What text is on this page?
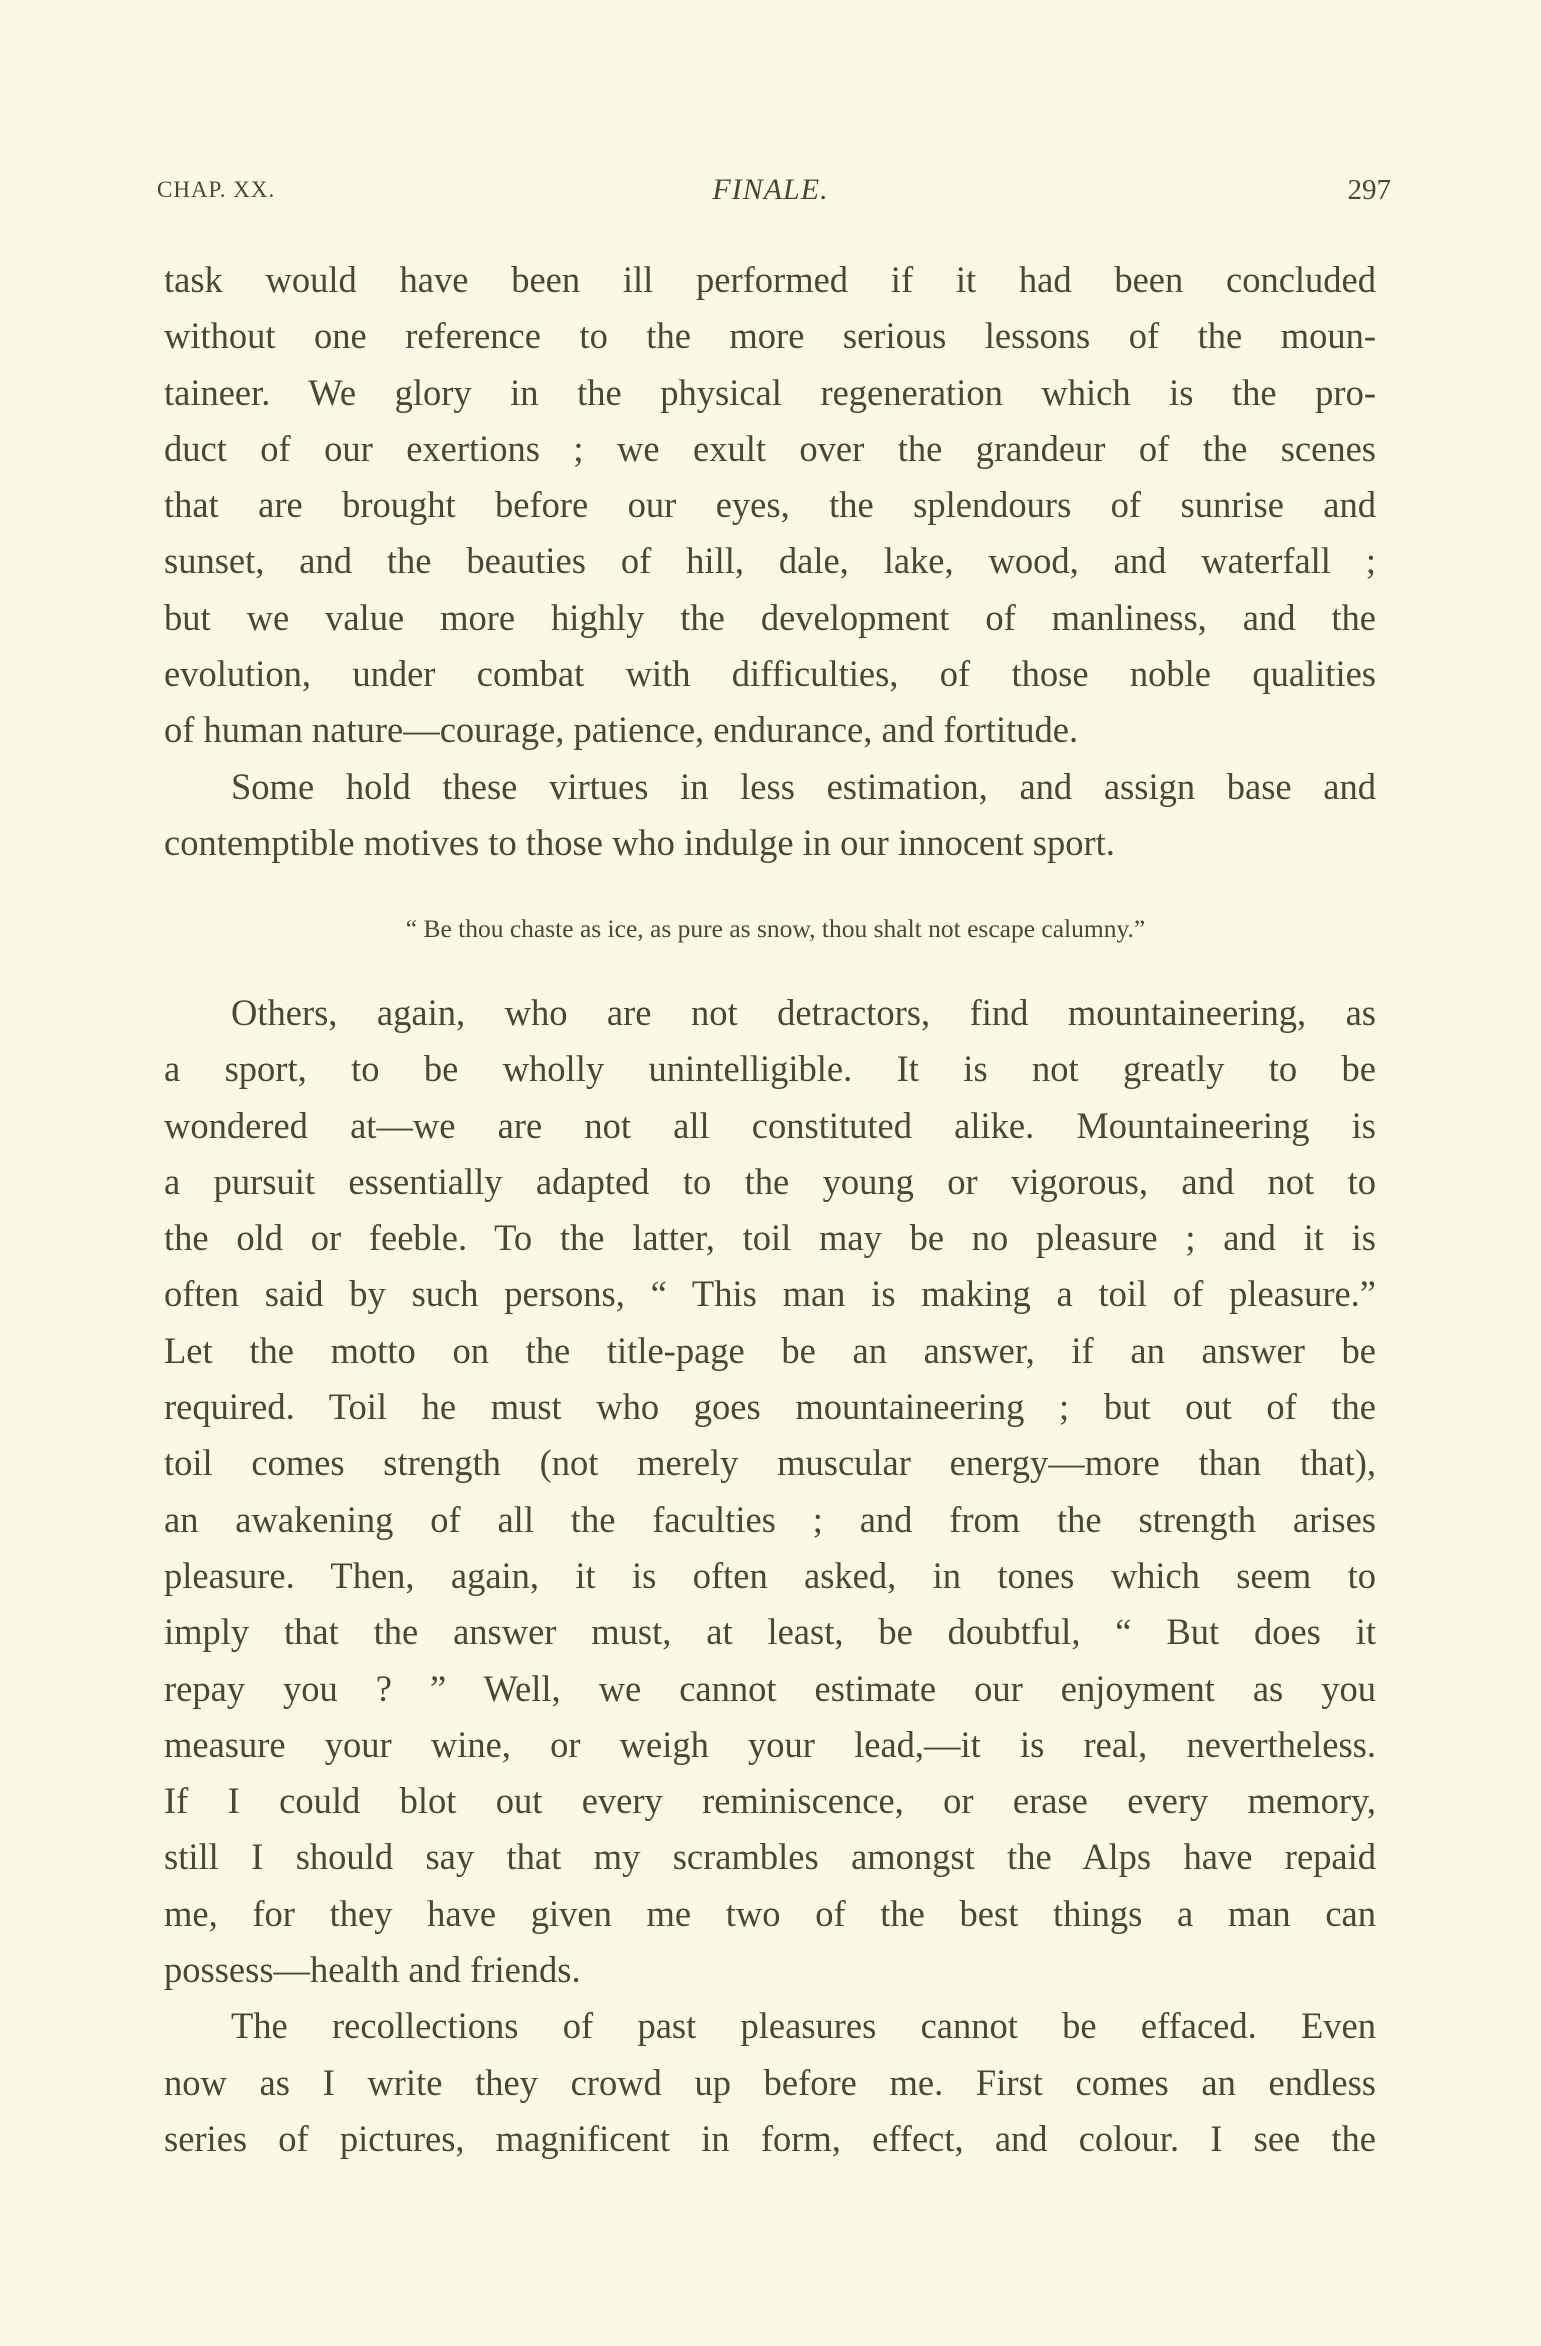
CHAP. XX.	FINALE.	297
task would have been ill performed if it had been concluded
without one reference to the more serious lessons of the moun-
taineer. We glory in the physical regeneration which is the pro-
duct of our exertions ; we exult over the grandeur of the scenes
that are brought before our eyes, the splendours of sunrise and
sunset, and the beauties of hill, dale, lake, wood, and waterfall ;
but we value more highly the development of manliness, and the
evolution, under combat with difficulties, of those noble qualities
of human nature—courage, patience, endurance, and fortitude.
Some hold these virtues in less estimation, and assign base and
contemptible motives to those who indulge in our innocent sport.
“ Be thou chaste as ice, as pure as snow, thou shalt not escape calumny.”
Others, again, who are not detractors, find mountaineering, as
a sport, to be wholly unintelligible. It is not greatly to be
wondered at—we are not all constituted alike. Mountaineering is
a pursuit essentially adapted to the young or vigorous, and not to
the old or feeble. To the latter, toil may be no pleasure ; and it is
often said by such persons, “ This man is making a toil of pleasure.”
Let the motto on the title-page be an answer, if an answer be
required. Toil he must who goes mountaineering ; but out of the
toil comes strength (not merely muscular energy—more than that),
an awakening of all the faculties ; and from the strength arises
pleasure. Then, again, it is often asked, in tones which seem to
imply that the answer must, at least, be doubtful, “ But does it
repay you ? ” Well, we cannot estimate our enjoyment as you
measure your wine, or weigh your lead,—it is real, nevertheless.
If I could blot out every reminiscence, or erase every memory,
still I should say that my scrambles amongst the Alps have repaid
me, for they have given me two of the best things a man can
possess—health and friends.
The recollections of past pleasures cannot be effaced. Even
now as I write they crowd up before me. First comes an endless
series of pictures, magnificent in form, effect, and colour. I see the
